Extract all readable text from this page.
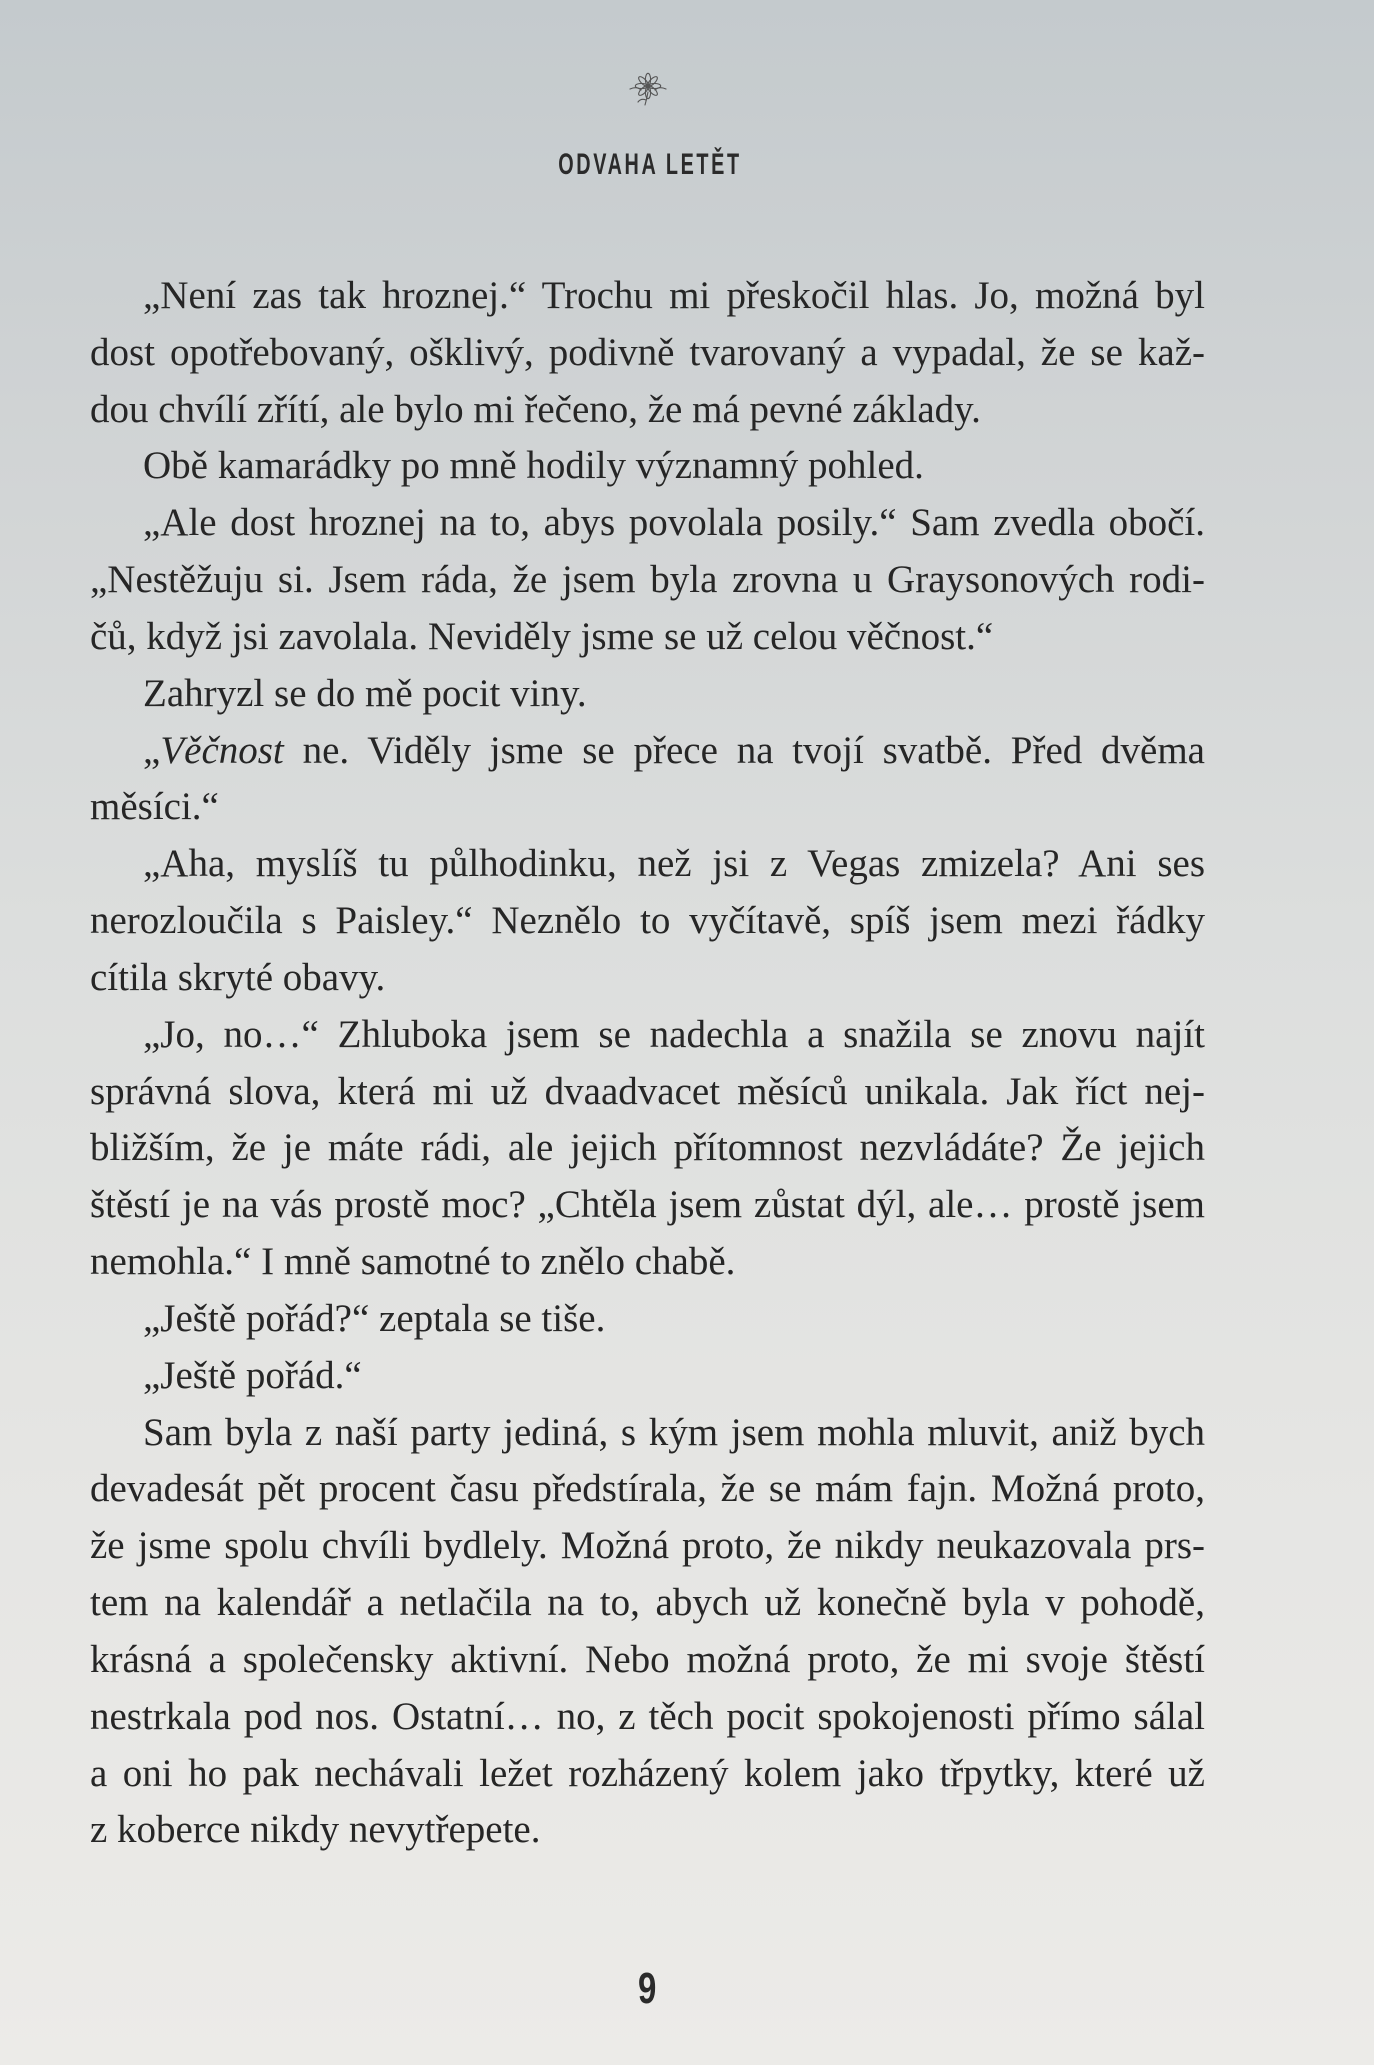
ODVAHA LETĚT

„Není zas tak hroznej.“ Trochu mi přeskočil hlas. Jo, možná byl
dost opotřebovaný, ošklivý, podivně tvarovaný a vypadal, že se kaž-
dou chvílí zřítí, ale bylo mi řečeno, že má pevné základy.

Obě kamarádky po mně hodily významný pohled.

„Ale dost hroznej na to, abys povolala posily.“ Sam zvedla obočí.
„Nestěžuju si. Jsem ráda, že jsem byla zrovna u Graysonových rodi-
čů, když jsi zavolala. Neviděly jsme se už celou věčnost.“

Zahryzl se do mě pocit viny.

„Věčnost ne. Viděly jsme se přece na tvojí svatbě. Před dvěma
měsíci.“

„Aha, myslíš tu půlhodinku, než jsi z Vegas zmizela? Ani ses
nerozloučila s Paisley.“ Neznělo to vyčítavě, spíš jsem mezi řádky
cítila skryté obavy.

„Jo, no…“ Zhluboka jsem se nadechla a snažila se znovu najít
správná slova, která mi už dvaadvacet měsíců unikala. Jak říct nej-
bližším, že je máte rádi, ale jejich přítomnost nezvládáte? Že jejich
štěstí je na vás prostě moc? „Chtěla jsem zůstat dýl, ale… prostě jsem
nemohla.“ I mně samotné to znělo chabě.

„Ještě pořád?“ zeptala se tiše.

„Ještě pořád.“

Sam byla z naší party jediná, s kým jsem mohla mluvit, aniž bych
devadesát pět procent času předstírala, že se mám fajn. Možná proto,
že jsme spolu chvíli bydlely. Možná proto, že nikdy neukazovala prs-
tem na kalendář a netlačila na to, abych už konečně byla v pohodě,
krásná a společensky aktivní. Nebo možná proto, že mi svoje štěstí
nestrkala pod nos. Ostatní… no, z těch pocit spokojenosti přímo sálal
a oni ho pak nechávali ležet rozházený kolem jako třpytky, které už
z koberce nikdy nevytřepete.

9
